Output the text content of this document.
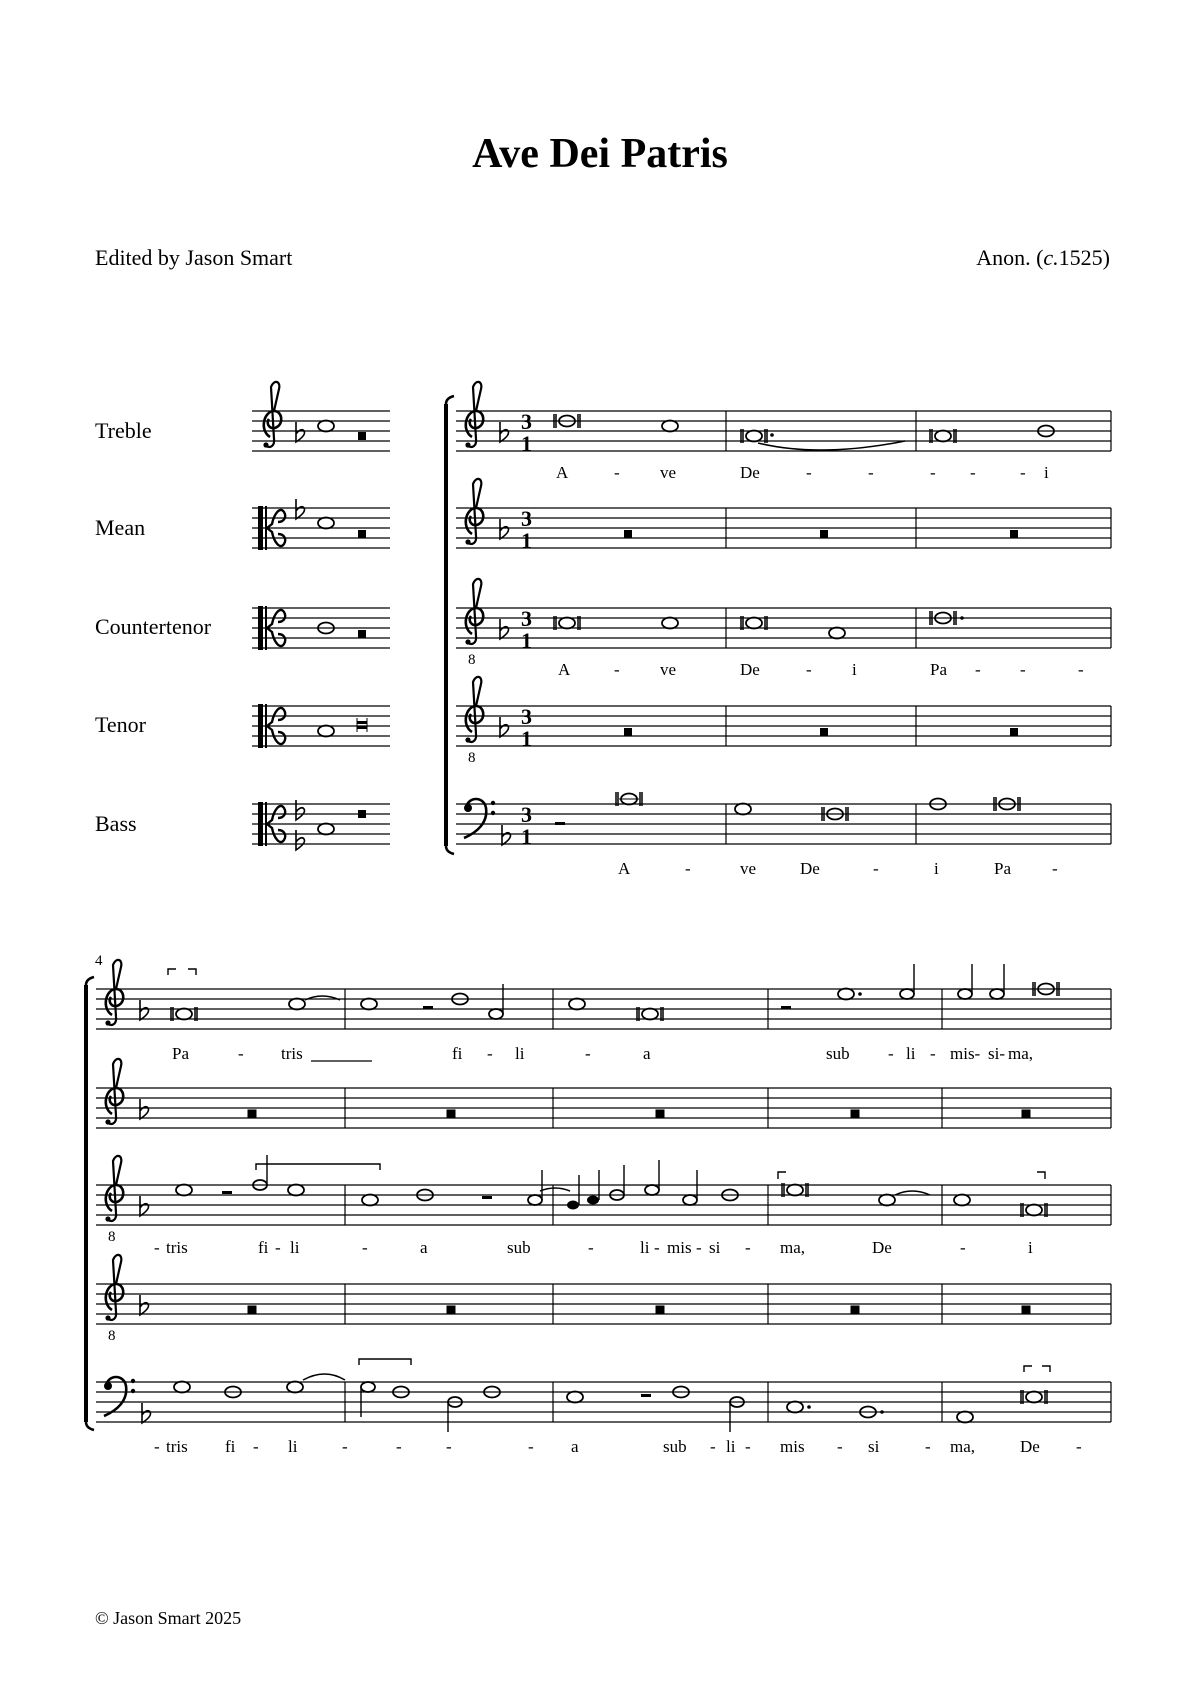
Ave Dei Patris
Edited by Jason Smart	Anon. (c.1525)
Treble
Mean
Countertenor
Tenor
Bass
8
8
3
1
3
1
3
1
3
1
3
1
A	- ve	De	-	-	- -	- i
A	- ve	De	- i	Pa - -	-
A	-	ve	De	-	i	Pa -
4
8
8
Pa	- tris	fi - li	-	a	sub - li - mis- si- ma,
- tris	fi - li	-	a	sub	-	li - mis - si - ma,	De	-	i
- tris fi - li	-	-	-	- a	sub - li - mis - si	- ma,	De -
© Jason Smart 2025
